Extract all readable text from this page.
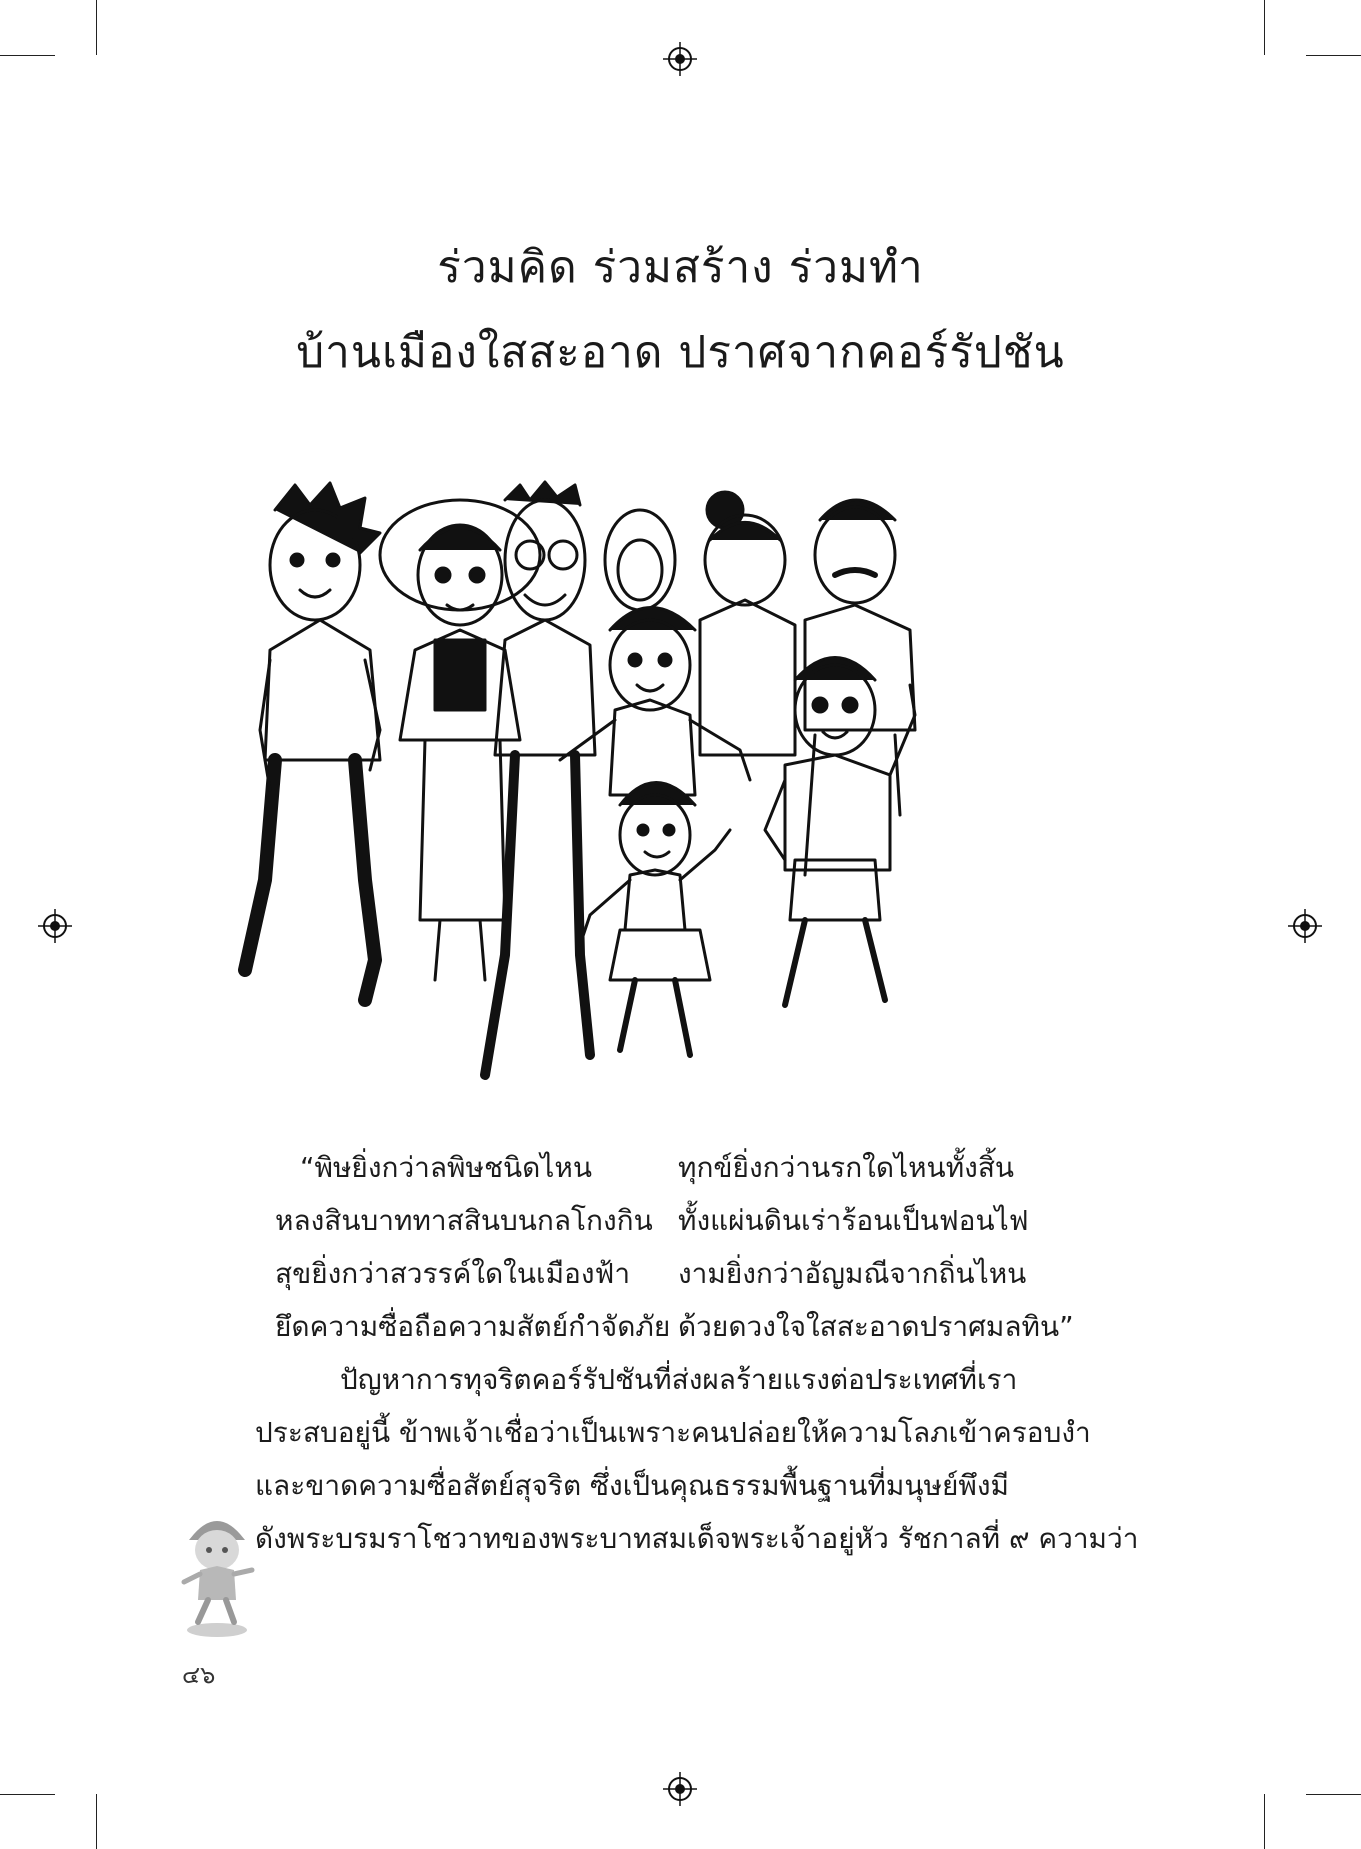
ร่วมคิด ร่วมสร้าง ร่วมทำ
บ้านเมืองใสสะอาด ปราศจากคอร์รัปชัน
“พิษยิ่งกว่าลพิษชนิดไหน	ทุกข์ยิ่งกว่านรกใดไหนทั้งสิ้น
หลงสินบาททาสสินบนกลโกงกิน ทั้งแผ่นดินเร่าร้อนเป็นฟอนไฟ
สุขยิ่งกว่าสวรรค์ใดในเมืองฟ้า งามยิ่งกว่าอัญมณีจากถิ่นไหน
ยึดความซื่อถือความสัตย์กำจัดภัย ด้วยดวงใจใสสะอาดปราศมลทิน”
ปัญหาการทุจริตคอร์รัปชันที่ส่งผลร้ายแรงต่อประเทศที่เรา
ประสบอยู่นี้ ข้าพเจ้าเชื่อว่าเป็นเพราะคนปล่อยให้ความโลภเข้าครอบงำ
และขาดความซื่อสัตย์สุจริต ซึ่งเป็นคุณธรรมพื้นฐานที่มนุษย์พึงมี
ดังพระบรมราโชวาทของพระบาทสมเด็จพระเจ้าอยู่หัว รัชกาลที่ ๙ ความว่า
๔๖
